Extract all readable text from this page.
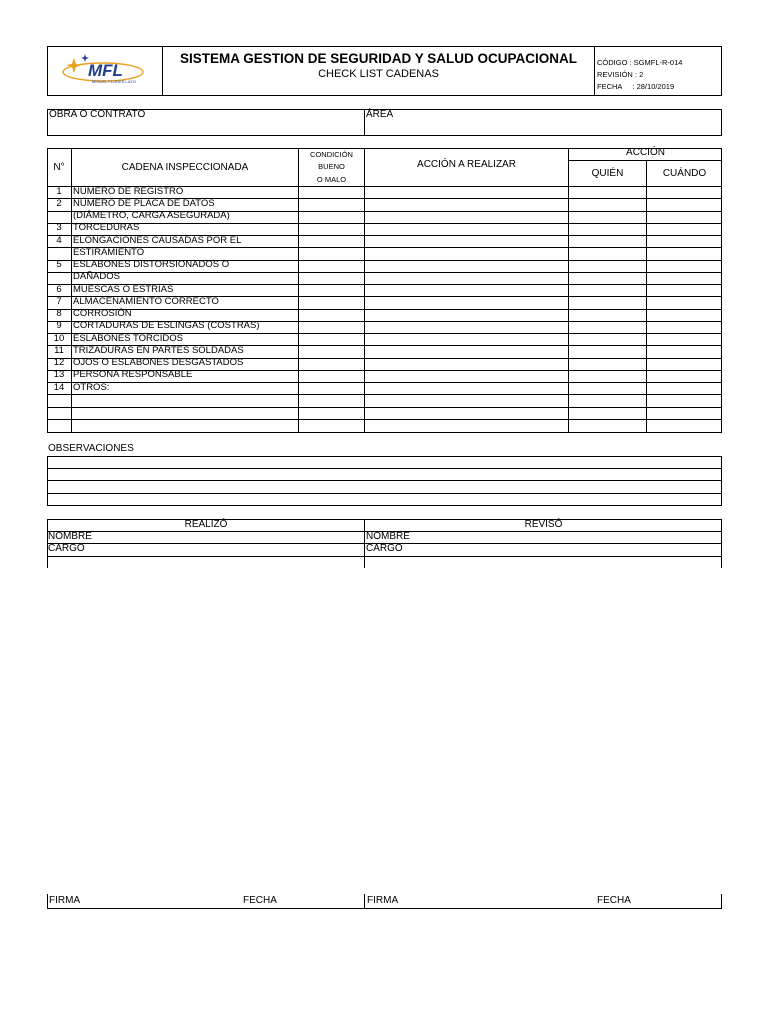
MFL
MIGUEL FLORES LAZO
SISTEMA GESTION DE SEGURIDAD Y SALUD OCUPACIONAL
CHECK LIST CADENAS
CÓDIGO : SGMFL-R-014
REVISIÓN : 2
FECHA     : 28/10/2019
OBRA O CONTRATO	ÁREA
N°	CADENA INSPECCIONADA
CONDICIÓN
BUENO
O MALO
ACCIÓN A REALIZAR
ACCIÓN
QUIÉN	CUÁNDO
1	NÚMERO DE REGISTRO
2	NÚMERO DE PLACA DE DATOS
(DIÁMETRO, CARGA ASEGURADA)
3	TORCEDURAS
4	ELONGACIONES CAUSADAS POR EL
ESTIRAMIENTO
5	ESLABONES DISTORSIONADOS O
DAÑADOS
6	MUESCAS O ESTRÍAS
7	ALMACENAMIENTO CORRECTO
8	CORROSIÓN
9	CORTADURAS DE ESLINGAS (COSTRAS)
10 ESLABONES TORCIDOS
11 TRIZADURAS EN PARTES SOLDADAS
12 OJOS O ESLABONES DESGASTADOS
13 PERSONA RESPONSABLE
14 OTROS:
OBSERVACIONES
REALIZÓ	REVISÓ
NOMBRE	NOMBRE
CARGO	CARGO
FIRMA	FECHA	FIRMA	FECHA
